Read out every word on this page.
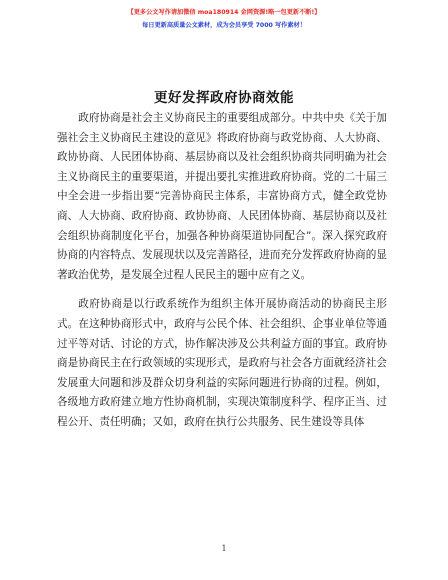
【更多公文写作请加微信 moa180914 金网资源!略一包更新不断!】
每日更新高质量公文素材，成为会员享受 7000 写作素材！
更好发挥政府协商效能

政府协商是社会主义协商民主的重要组成部分。中共中央《关于加强社会主义协商民主建设的意见》将政府协商与政党协商、人大协商、政协协商、人民团体协商、基层协商以及社会组织协商共同明确为社会主义协商民主的重要渠道，并提出要扎实推进政府协商。党的二十届三中全会进一步指出要“完善协商民主体系，丰富协商方式，健全政党协商、人大协商、政府协商、政协协商、人民团体协商、基层协商以及社会组织协商制度化平台，加强各种协商渠道协同配合”。深入探究政府协商的内容特点、发展现状以及完善路径，进而充分发挥政府协商的显著政治优势，是发展全过程人民民主的题中应有之义。

政府协商是以行政系统作为组织主体开展协商活动的协商民主形式。在这种协商形式中，政府与公民个体、社会组织、企事业单位等通过平等对话、讨论的方式，协作解决涉及公共利益方面的事宜。政府协商是协商民主在行政领域的实现形式，是政府与社会各方面就经济社会发展重大问题和涉及群众切身利益的实际问题进行协商的过程。例如，各级地方政府建立地方性协商机制，实现决策制度科学、程序正当、过程公开、责任明确；又如，政府在执行公共服务、民生建设等具体

1
